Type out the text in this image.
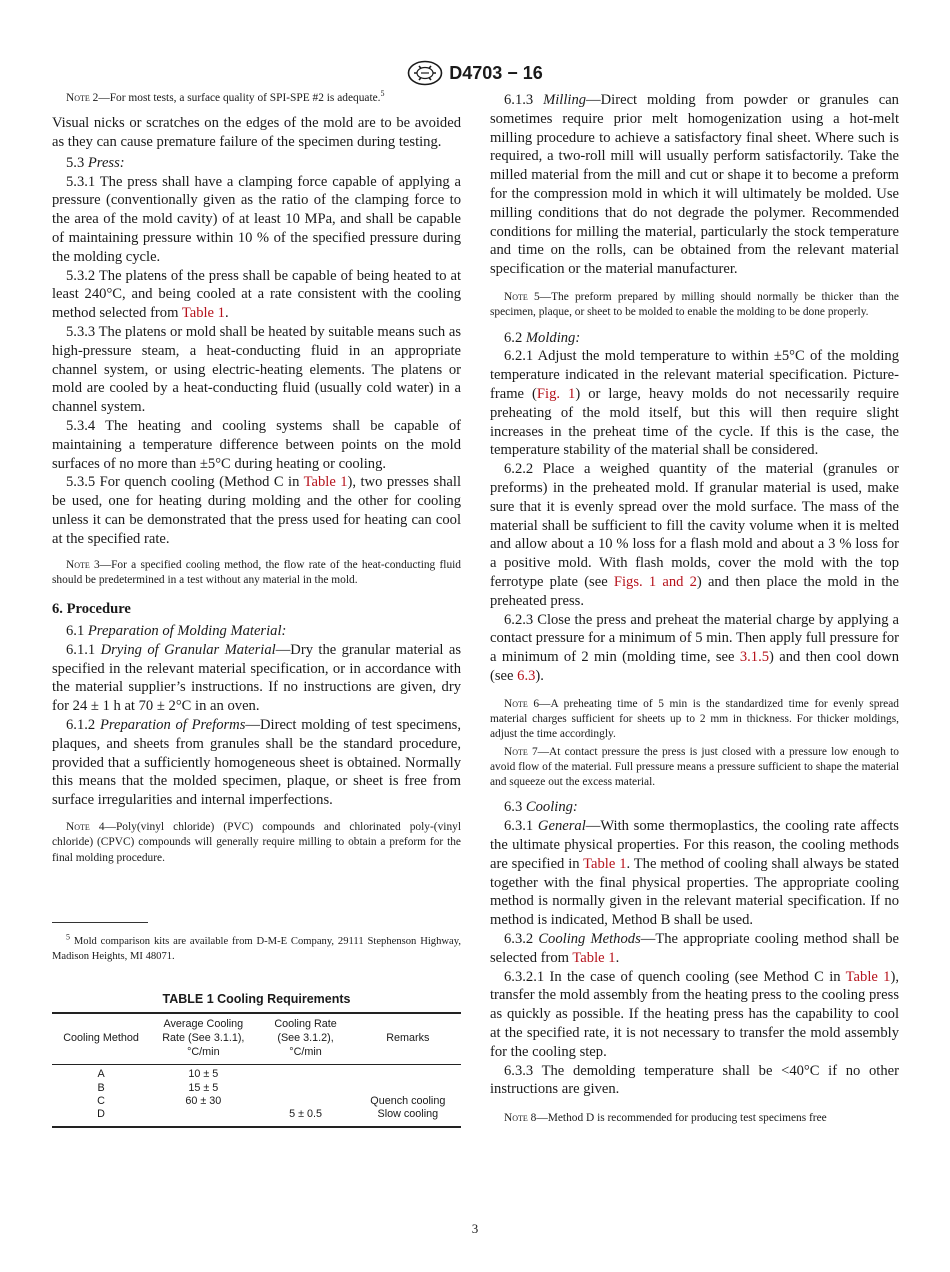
D4703 − 16

Note 2—For most tests, a surface quality of SPI-SPE #2 is adequate.$^5$

Visual nicks or scratches on the edges of the mold are to be avoided as they can cause premature failure of the specimen during testing.

5.3 Press:

5.3.1 The press shall have a clamping force capable of applying a pressure (conventionally given as the ratio of the clamping force to the area of the mold cavity) of at least 10 MPa, and shall be capable of maintaining pressure within 10 % of the specified pressure during the molding cycle.

5.3.2 The platens of the press shall be capable of being heated to at least 240°C, and being cooled at a rate consistent with the cooling method selected from Table 1.

5.3.3 The platens or mold shall be heated by suitable means such as high-pressure steam, a heat-conducting fluid in an appropriate channel system, or using electric-heating elements. The platens or mold are cooled by a heat-conducting fluid (usually cold water) in a channel system.

5.3.4 The heating and cooling systems shall be capable of maintaining a temperature difference between points on the mold surfaces of no more than ±5°C during heating or cooling.

5.3.5 For quench cooling (Method C in Table 1), two presses shall be used, one for heating during molding and the other for cooling unless it can be demonstrated that the press used for heating can cool at the specified rate.

Note 3—For a specified cooling method, the flow rate of the heat-conducting fluid should be predetermined in a test without any material in the mold.

6. Procedure

6.1 Preparation of Molding Material:

6.1.1 Drying of Granular Material—Dry the granular material as specified in the relevant material specification, or in accordance with the material supplier’s instructions. If no instructions are given, dry for 24 ± 1 h at 70 ± 2°C in an oven.

6.1.2 Preparation of Preforms—Direct molding of test specimens, plaques, and sheets from granules shall be the standard procedure, provided that a sufficiently homogeneous sheet is obtained. Normally this means that the molded specimen, plaque, or sheet is free from surface irregularities and internal imperfections.

Note 4—Poly(vinyl chloride) (PVC) compounds and chlorinated poly-(vinyl chloride) (CPVC) compounds will generally require milling to obtain a preform for the final molding procedure.

$^5$ Mold comparison kits are available from D-M-E Company, 29111 Stephenson Highway, Madison Heights, MI 48071.

TABLE 1 Cooling Requirements

Cooling Method	Average Cooling
Rate (See 3.1.1),
°C/min	Cooling Rate
(See 3.1.2),
°C/min	Remarks
A	10 ± 5		
B	15 ± 5		
C	60 ± 30		Quench cooling
D		5 ± 0.5	Slow cooling

6.1.3 Milling—Direct molding from powder or granules can sometimes require prior melt homogenization using a hot-melt milling procedure to achieve a satisfactory final sheet. Where such is required, a two-roll mill will usually perform satisfactorily. Take the milled material from the mill and cut or shape it to become a preform for the compression mold in which it will ultimately be molded. Use milling conditions that do not degrade the polymer. Recommended conditions for milling the material, particularly the stock temperature and time on the rolls, can be obtained from the relevant material specification or the material manufacturer.

Note 5—The preform prepared by milling should normally be thicker than the specimen, plaque, or sheet to be molded to enable the molding to be done properly.

6.2 Molding:

6.2.1 Adjust the mold temperature to within ±5°C of the molding temperature indicated in the relevant material specification. Picture-frame (Fig. 1) or large, heavy molds do not necessarily require preheating of the mold itself, but this will then require slight increases in the preheat time of the cycle. If this is the case, the temperature stability of the material shall be considered.

6.2.2 Place a weighed quantity of the material (granules or preforms) in the preheated mold. If granular material is used, make sure that it is evenly spread over the mold surface. The mass of the material shall be sufficient to fill the cavity volume when it is melted and allow about a 10 % loss for a flash mold and about a 3 % loss for a positive mold. With flash molds, cover the mold with the top ferrotype plate (see Figs. 1 and 2) and then place the mold in the preheated press.

6.2.3 Close the press and preheat the material charge by applying a contact pressure for a minimum of 5 min. Then apply full pressure for a minimum of 2 min (molding time, see 3.1.5) and then cool down (see 6.3).

Note 6—A preheating time of 5 min is the standardized time for evenly spread material charges sufficient for sheets up to 2 mm in thickness. For thicker moldings, adjust the time accordingly.

Note 7—At contact pressure the press is just closed with a pressure low enough to avoid flow of the material. Full pressure means a pressure sufficient to shape the material and squeeze out the excess material.

6.3 Cooling:

6.3.1 General—With some thermoplastics, the cooling rate affects the ultimate physical properties. For this reason, the cooling methods are specified in Table 1. The method of cooling shall always be stated together with the final physical properties. The appropriate cooling method is normally given in the relevant material specification. If no method is indicated, Method B shall be used.

6.3.2 Cooling Methods—The appropriate cooling method shall be selected from Table 1.

6.3.2.1 In the case of quench cooling (see Method C in Table 1), transfer the mold assembly from the heating press to the cooling press as quickly as possible. If the heating press has the capability to cool at the specified rate, it is not necessary to transfer the mold assembly for the cooling step.

6.3.3 The demolding temperature shall be <40°C if no other instructions are given.

Note 8—Method D is recommended for producing test specimens free

3
